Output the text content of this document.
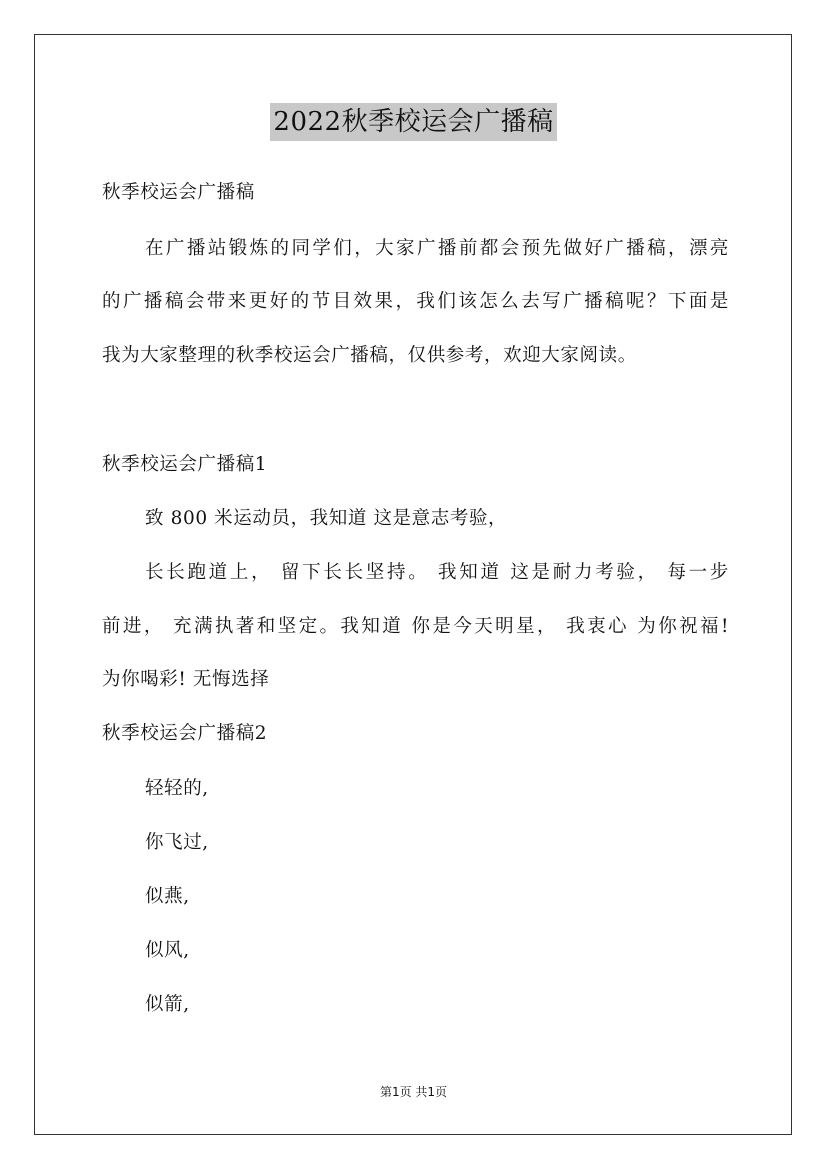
2022秋季校运会广播稿
秋季校运会广播稿
在广播站锻炼的同学们，大家广播前都会预先做好广播稿，漂亮
的广播稿会带来更好的节目效果，我们该怎么去写广播稿呢？下面是
我为大家整理的秋季校运会广播稿，仅供参考，欢迎大家阅读。
秋季校运会广播稿1
致 800 米运动员，我知道 这是意志考验，
长长跑道上， 留下长长坚持。 我知道 这是耐力考验， 每一步
前进， 充满执著和坚定。我知道 你是今天明星， 我衷心 为你祝福!
为你喝彩! 无悔选择
秋季校运会广播稿2
轻轻的,
你飞过,
似燕,
似风,
似箭,
第1页 共1页
